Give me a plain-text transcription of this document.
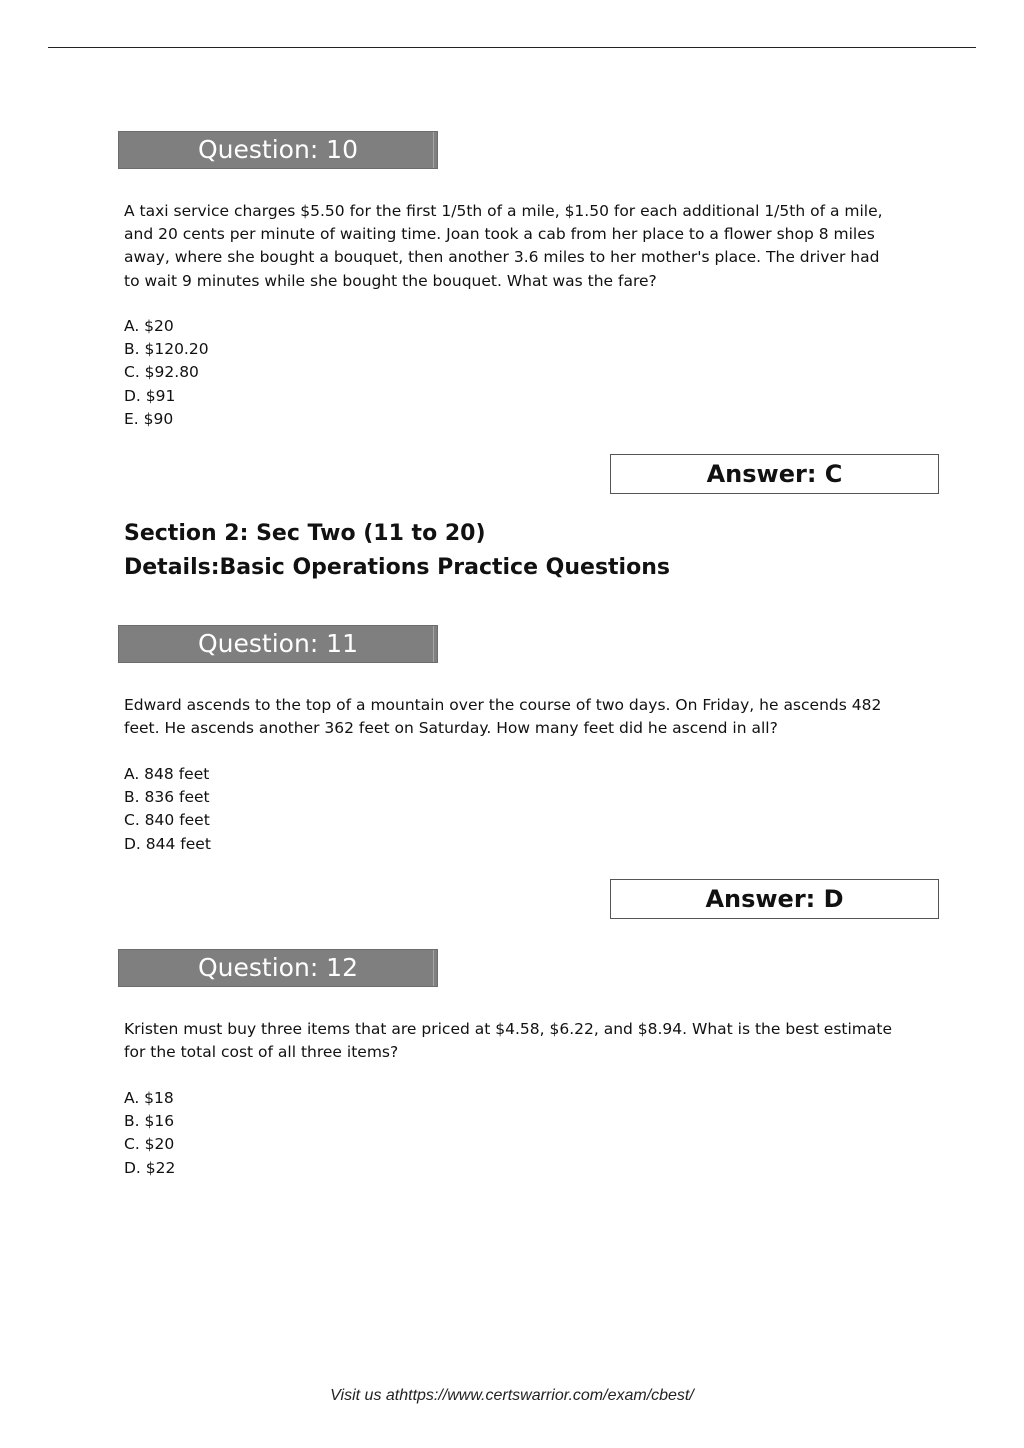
Question: 10

A taxi service charges $5.50 for the first 1/5th of a mile, $1.50 for each additional 1/5th of a mile, and 20 cents per minute of waiting time. Joan took a cab from her place to a flower shop 8 miles away, where she bought a bouquet, then another 3.6 miles to her mother's place. The driver had to wait 9 minutes while she bought the bouquet. What was the fare?

A. $20
B. $120.20
C. $92.80
D. $91
E. $90
Answer: C
Section 2: Sec Two (11 to 20)
Details:Basic Operations Practice Questions
Question: 11

Edward ascends to the top of a mountain over the course of two days. On Friday, he ascends 482 feet. He ascends another 362 feet on Saturday. How many feet did he ascend in all?

A. 848 feet
B. 836 feet
C. 840 feet
D. 844 feet
Answer: D
Question: 12

Kristen must buy three items that are priced at $4.58, $6.22, and $8.94. What is the best estimate for the total cost of all three items?

A. $18
B. $16
C. $20
D. $22
Visit us athttps://www.certswarrior.com/exam/cbest/
